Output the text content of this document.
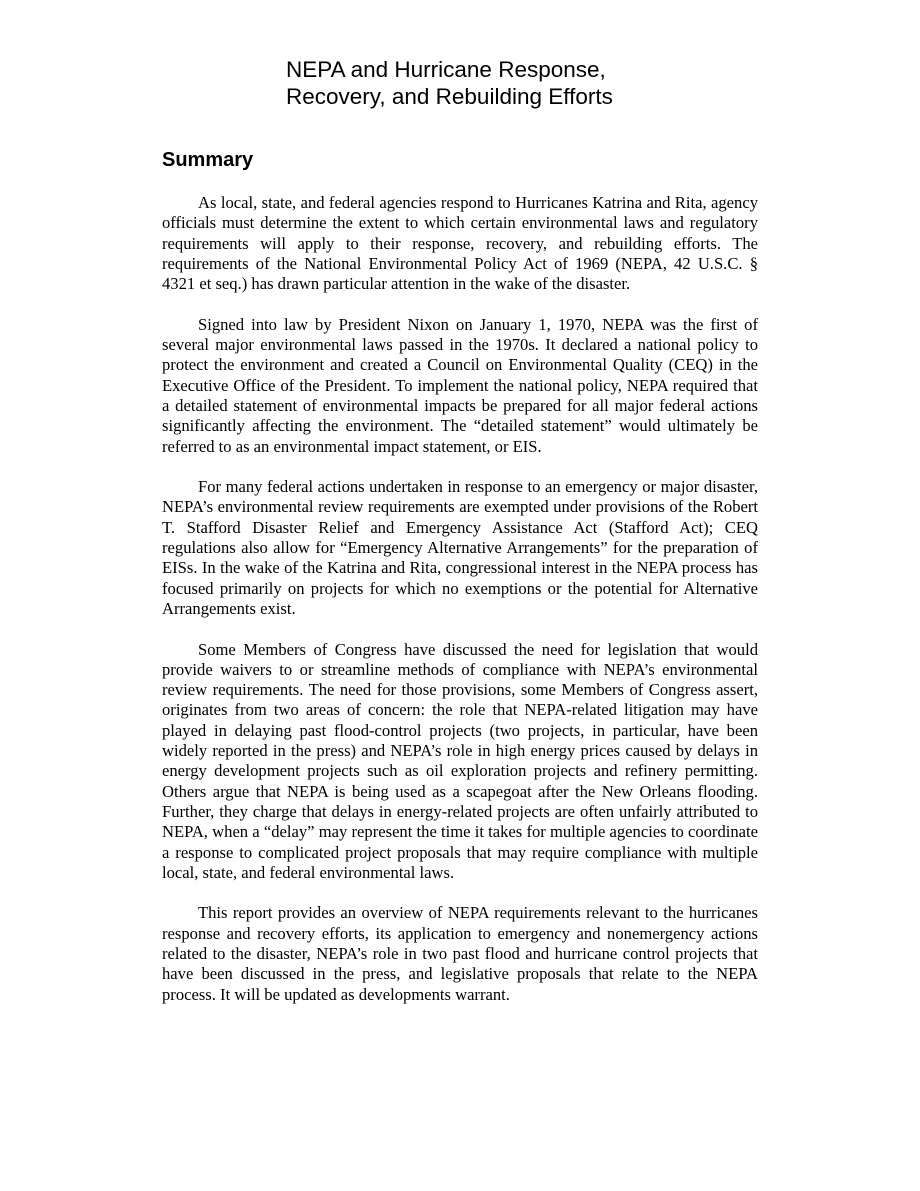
NEPA and Hurricane Response,
Recovery, and Rebuilding Efforts
Summary

As local, state, and federal agencies respond to Hurricanes Katrina and Rita, agency officials must determine the extent to which certain environmental laws and regulatory requirements will apply to their response, recovery, and rebuilding efforts. The requirements of the National Environmental Policy Act of 1969 (NEPA, 42 U.S.C. § 4321 et seq.) has drawn particular attention in the wake of the disaster.

Signed into law by President Nixon on January 1, 1970, NEPA was the first of several major environmental laws passed in the 1970s. It declared a national policy to protect the environment and created a Council on Environmental Quality (CEQ) in the Executive Office of the President. To implement the national policy, NEPA required that a detailed statement of environmental impacts be prepared for all major federal actions significantly affecting the environment. The “detailed statement” would ultimately be referred to as an environmental impact statement, or EIS.

For many federal actions undertaken in response to an emergency or major disaster, NEPA’s environmental review requirements are exempted under provisions of the Robert T. Stafford Disaster Relief and Emergency Assistance Act (Stafford Act); CEQ regulations also allow for “Emergency Alternative Arrangements” for the preparation of EISs. In the wake of the Katrina and Rita, congressional interest in the NEPA process has focused primarily on projects for which no exemptions or the potential for Alternative Arrangements exist.

Some Members of Congress have discussed the need for legislation that would provide waivers to or streamline methods of compliance with NEPA’s environmental review requirements. The need for those provisions, some Members of Congress assert, originates from two areas of concern: the role that NEPA-related litigation may have played in delaying past flood-control projects (two projects, in particular, have been widely reported in the press) and NEPA’s role in high energy prices caused by delays in energy development projects such as oil exploration projects and refinery permitting. Others argue that NEPA is being used as a scapegoat after the New Orleans flooding. Further, they charge that delays in energy-related projects are often unfairly attributed to NEPA, when a “delay” may represent the time it takes for multiple agencies to coordinate a response to complicated project proposals that may require compliance with multiple local, state, and federal environmental laws.

This report provides an overview of NEPA requirements relevant to the hurricanes response and recovery efforts, its application to emergency and nonemergency actions related to the disaster, NEPA’s role in two past flood and hurricane control projects that have been discussed in the press, and legislative proposals that relate to the NEPA process. It will be updated as developments warrant.
